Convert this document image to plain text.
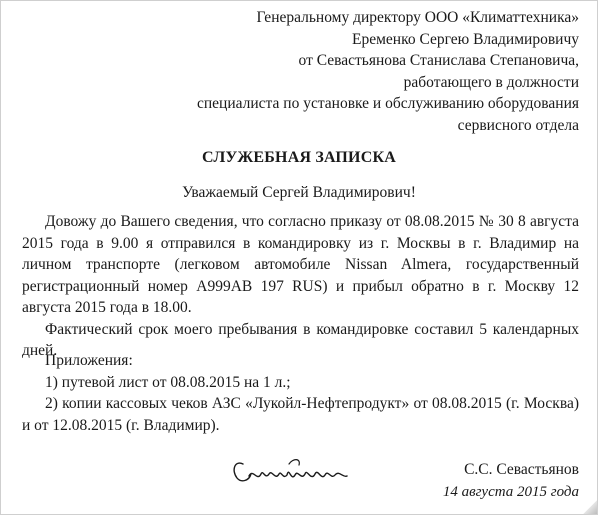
Генеральному директору ООО «Климаттехника»
Еременко Сергею Владимировичу
от Севастьянова Станислава Степановича,
работающего в должности
специалиста по установке и обслуживанию оборудования
сервисного отдела
СЛУЖЕБНАЯ ЗАПИСКА
Уважаемый Сергей Владимирович!

Довожу до Вашего сведения, что согласно приказу от 08.08.2015 № 30 8 августа 2015 года в 9.00 я отправился в командировку из г. Москвы в г. Владимир на личном транспорте (легковом автомобиле Nissan Almera, государственный регистрационный номер А999АВ 197 RUS) и прибыл обратно в г. Москву 12 августа 2015 года в 18.00.

Фактический срок моего пребывания в командировке составил 5 календарных дней.

Приложения:
1) путевой лист от 08.08.2015 на 1 л.;
2) копии кассовых чеков АЗС «Лукойл-Нефтепродукт» от 08.08.2015 (г. Москва) и от 12.08.2015 (г. Владимир).
С.С. Севастьянов
14 августа 2015 года
